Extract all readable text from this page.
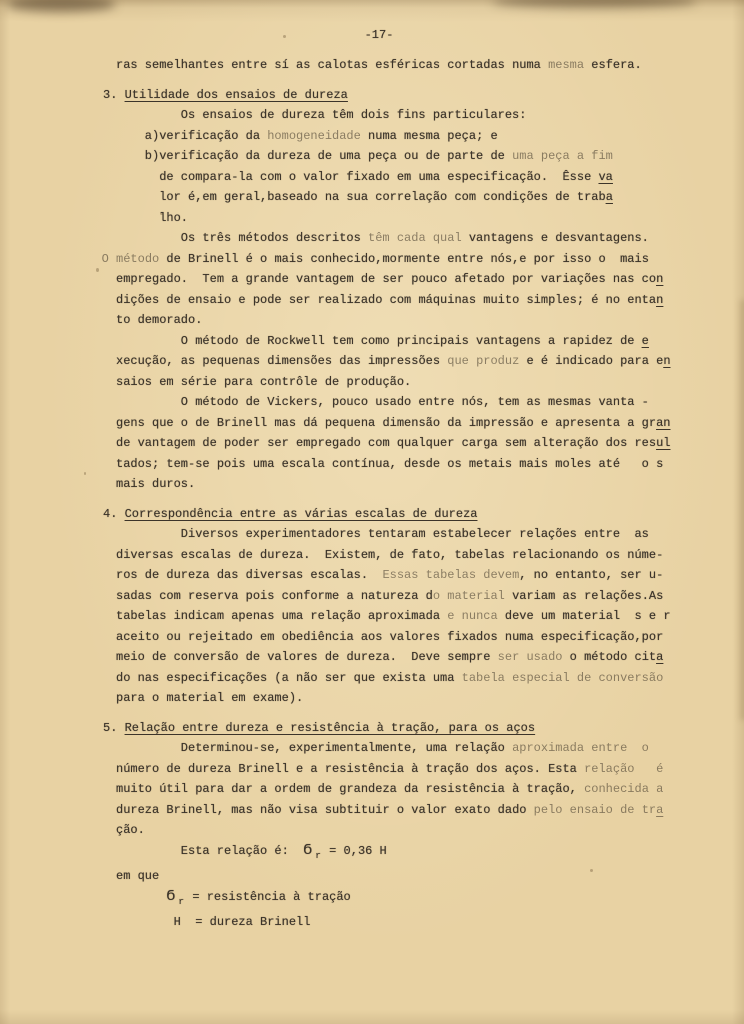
-17-
ras semelhantes entre sí as calotas esféricas cortadas numa mesma esfera.
3. Utilidade dos ensaios de dureza
Os ensaios de dureza têm dois fins particulares:
a)verificação da homogeneidade numa mesma peça; e
b)verificação da dureza de uma peça ou de parte de uma peça a fim
de compara-la com o valor fixado em uma especificação.  Êsse va
lor é,em geral,baseado na sua correlação com condições de traba
lho.
Os três métodos descritos têm cada qual vantagens e desvantagens.
O método de Brinell é o mais conhecido,mormente entre nós,e por isso o  mais
empregado.  Tem a grande vantagem de ser pouco afetado por variações nas con
dições de ensaio e pode ser realizado com máquinas muito simples; é no entan
to demorado.
O método de Rockwell tem como principais vantagens a rapidez de e
xecução, as pequenas dimensões das impressões que produz e é indicado para en
saios em série para contrôle de produção.
O método de Vickers, pouco usado entre nós, tem as mesmas vanta -
gens que o de Brinell mas dá pequena dimensão da impressão e apresenta a gran
de vantagem de poder ser empregado com qualquer carga sem alteração dos resul
tados; tem-se pois uma escala contínua, desde os metais mais moles até   o s
mais duros.
4. Correspondência entre as várias escalas de dureza
Diversos experimentadores tentaram estabelecer relações entre  as
diversas escalas de dureza.  Existem, de fato, tabelas relacionando os núme-
ros de dureza das diversas escalas.  Essas tabelas devem, no entanto, ser u-
sadas com reserva pois conforme a natureza do material variam as relações.As
tabelas indicam apenas uma relação aproximada e nunca deve um material  s e r
aceito ou rejeitado em obediência aos valores fixados numa especificação,por
meio de conversão de valores de dureza.  Deve sempre ser usado o método cita
do nas especificações (a não ser que exista uma tabela especial de conversão
para o material em exame).
5. Relação entre dureza e resistência à tração, para os aços
Determinou-se, experimentalmente, uma relação aproximada entre  o
número de dureza Brinell e a resistência à tração dos aços. Esta relação   é
muito útil para dar a ordem de grandeza da resistência à tração, conhecida a
dureza Brinell, mas não visa subtituir o valor exato dado pelo ensaio de tra
ção.
Esta relação é:  Ϭ $_r$ = 0,36 H
em que
Ϭ $_r$ = resistência à tração
H  = dureza Brinell
